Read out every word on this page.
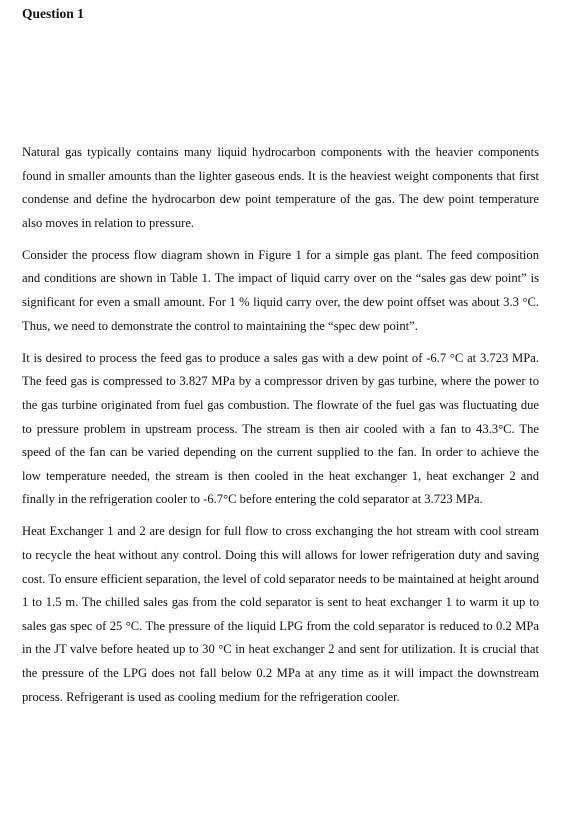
Question 1

Natural gas typically contains many liquid hydrocarbon components with the heavier components found in smaller amounts than the lighter gaseous ends. It is the heaviest weight components that first condense and define the hydrocarbon dew point temperature of the gas. The dew point temperature also moves in relation to pressure.

Consider the process flow diagram shown in Figure 1 for a simple gas plant. The feed composition and conditions are shown in Table 1. The impact of liquid carry over on the “sales gas dew point” is significant for even a small amount. For 1 % liquid carry over, the dew point offset was about 3.3 °C. Thus, we need to demonstrate the control to maintaining the “spec dew point”.

It is desired to process the feed gas to produce a sales gas with a dew point of -6.7 °C at 3.723 MPa. The feed gas is compressed to 3.827 MPa by a compressor driven by gas turbine, where the power to the gas turbine originated from fuel gas combustion. The flowrate of the fuel gas was fluctuating due to pressure problem in upstream process. The stream is then air cooled with a fan to 43.3°C. The speed of the fan can be varied depending on the current supplied to the fan. In order to achieve the low temperature needed, the stream is then cooled in the heat exchanger 1, heat exchanger 2 and finally in the refrigeration cooler to -6.7°C before entering the cold separator at 3.723 MPa.

Heat Exchanger 1 and 2 are design for full flow to cross exchanging the hot stream with cool stream to recycle the heat without any control. Doing this will allows for lower refrigeration duty and saving cost. To ensure efficient separation, the level of cold separator needs to be maintained at height around 1 to 1.5 m. The chilled sales gas from the cold separator is sent to heat exchanger 1 to warm it up to sales gas spec of 25 °C. The pressure of the liquid LPG from the cold separator is reduced to 0.2 MPa in the JT valve before heated up to 30 °C in heat exchanger 2 and sent for utilization. It is crucial that the pressure of the LPG does not fall below 0.2 MPa at any time as it will impact the downstream process. Refrigerant is used as cooling medium for the refrigeration cooler.
